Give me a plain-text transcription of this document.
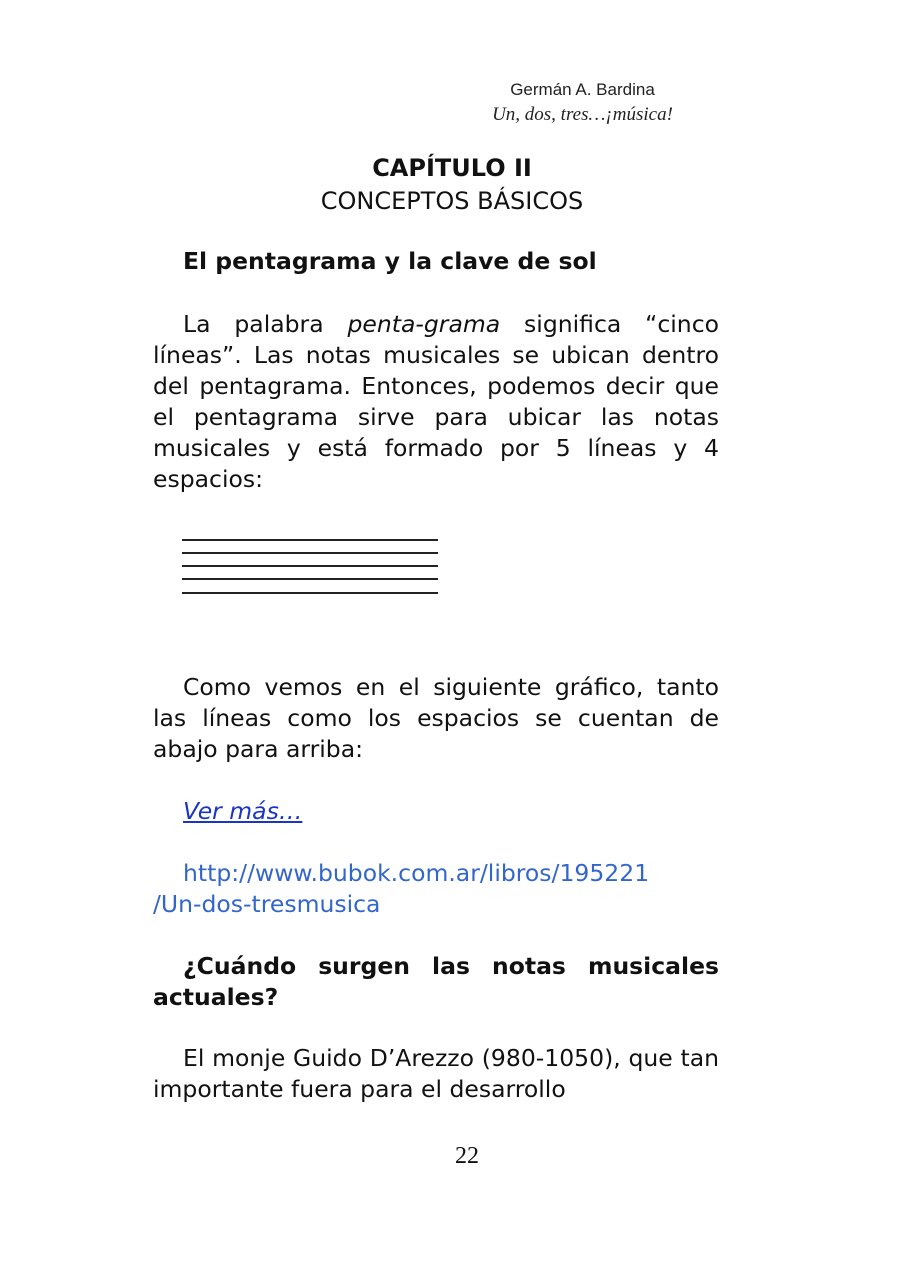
Germán A. Bardina
Un, dos, tres…¡música!
CAPÍTULO II
CONCEPTOS BÁSICOS
El pentagrama y la clave de sol
La palabra penta-grama significa “cinco líneas”. Las notas musicales se ubican dentro del pentagrama. Entonces, podemos decir que el pentagrama sirve para ubicar las notas musicales y está formado por 5 líneas y 4 espacios:
Como vemos en el siguiente gráfico, tanto las líneas como los espacios se cuentan de abajo para arriba:
Ver más…
http://www.bubok.com.ar/libros/195221
/Un-dos-tresmusica
¿Cuándo surgen las notas musicales actuales?
El monje Guido D’Arezzo (980-1050), que tan importante fuera para el desarrollo
22
